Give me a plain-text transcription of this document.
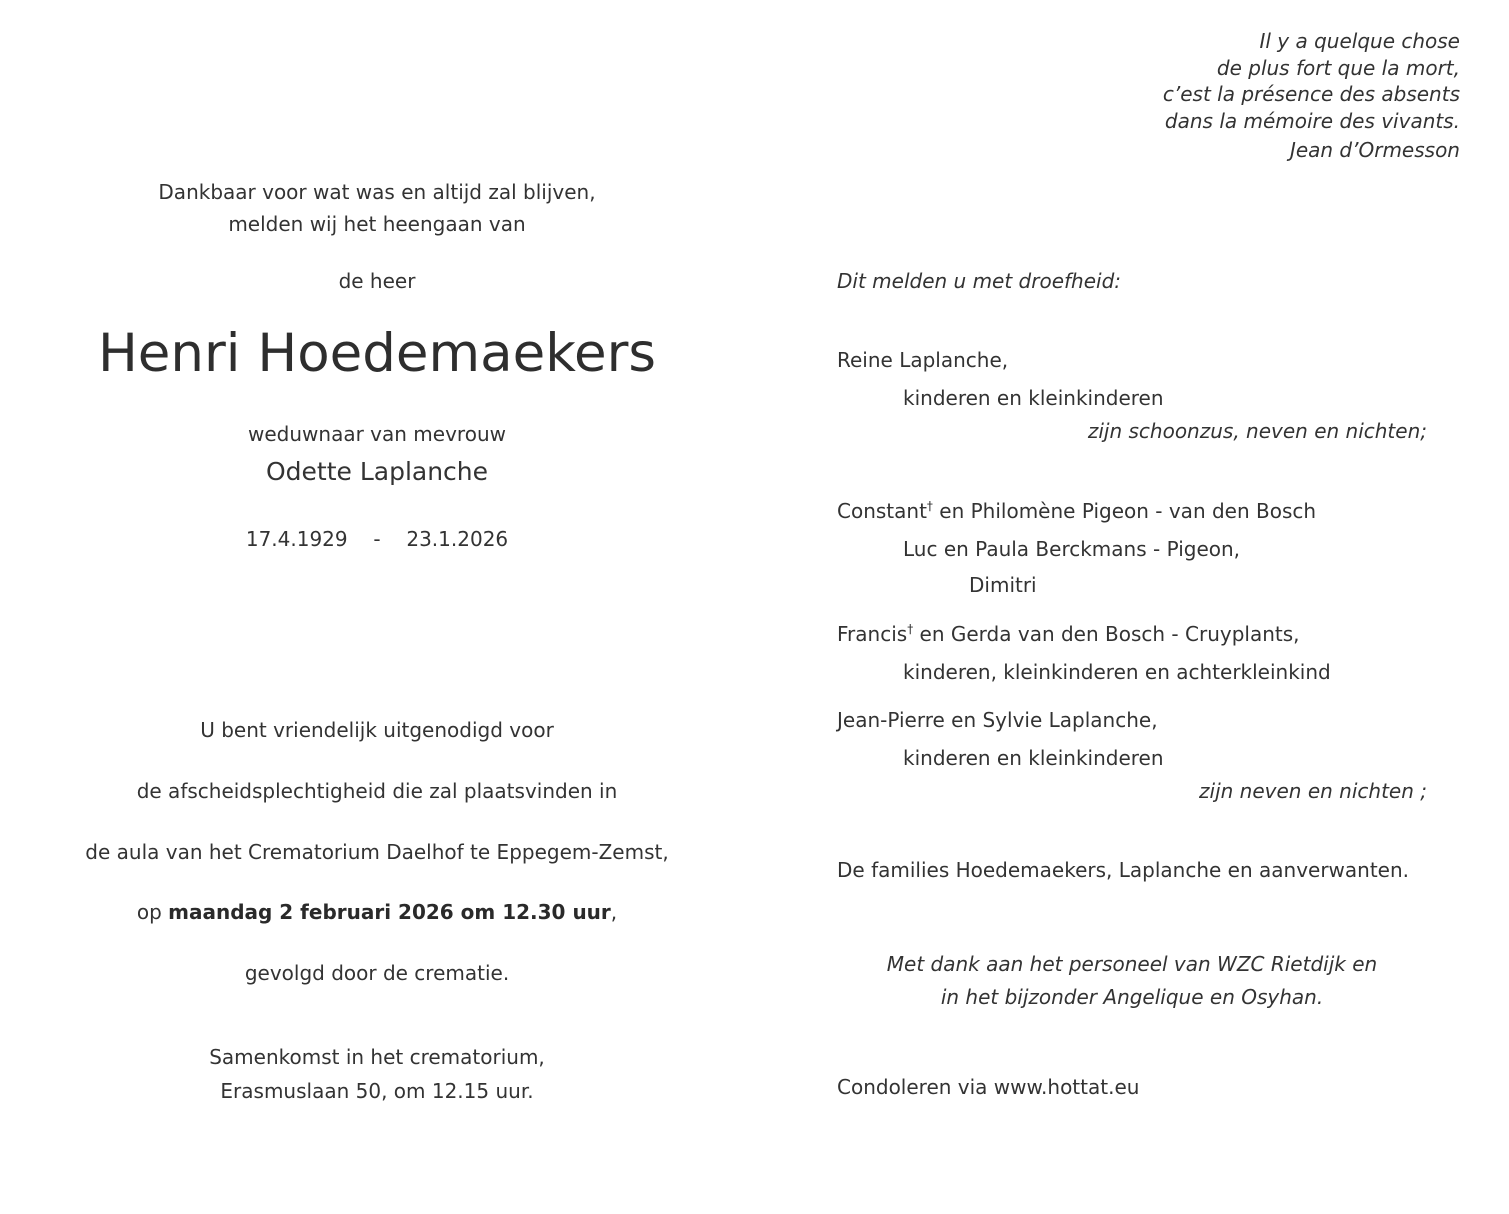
Il y a quelque chose
de plus fort que la mort,
c’est la présence des absents
dans la mémoire des vivants.
Jean d’Ormesson
Dankbaar voor wat was en altijd zal blijven,
melden wij het heengaan van
de heer
Henri Hoedemaekers
weduwnaar van mevrouw
Odette Laplanche
17.4.1929 - 23.1.2026
U bent vriendelijk uitgenodigd voor
de afscheidsplechtigheid die zal plaatsvinden in
de aula van het Crematorium Daelhof te Eppegem-Zemst,
op maandag 2 februari 2026 om 12.30 uur,
gevolgd door de crematie.
Samenkomst in het crematorium,
Erasmuslaan 50, om 12.15 uur.
Dit melden u met droefheid:
Reine Laplanche,
kinderen en kleinkinderen
zijn schoonzus, neven en nichten;
Constant† en Philomène Pigeon - van den Bosch
Luc en Paula Berckmans - Pigeon,
Dimitri
Francis† en Gerda van den Bosch - Cruyplants,
kinderen, kleinkinderen en achterkleinkind
Jean-Pierre en Sylvie Laplanche,
kinderen en kleinkinderen
zijn neven en nichten ;
De families Hoedemaekers, Laplanche en aanverwanten.
Met dank aan het personeel van WZC Rietdijk en
in het bijzonder Angelique en Osyhan.
Condoleren via www.hottat.eu
